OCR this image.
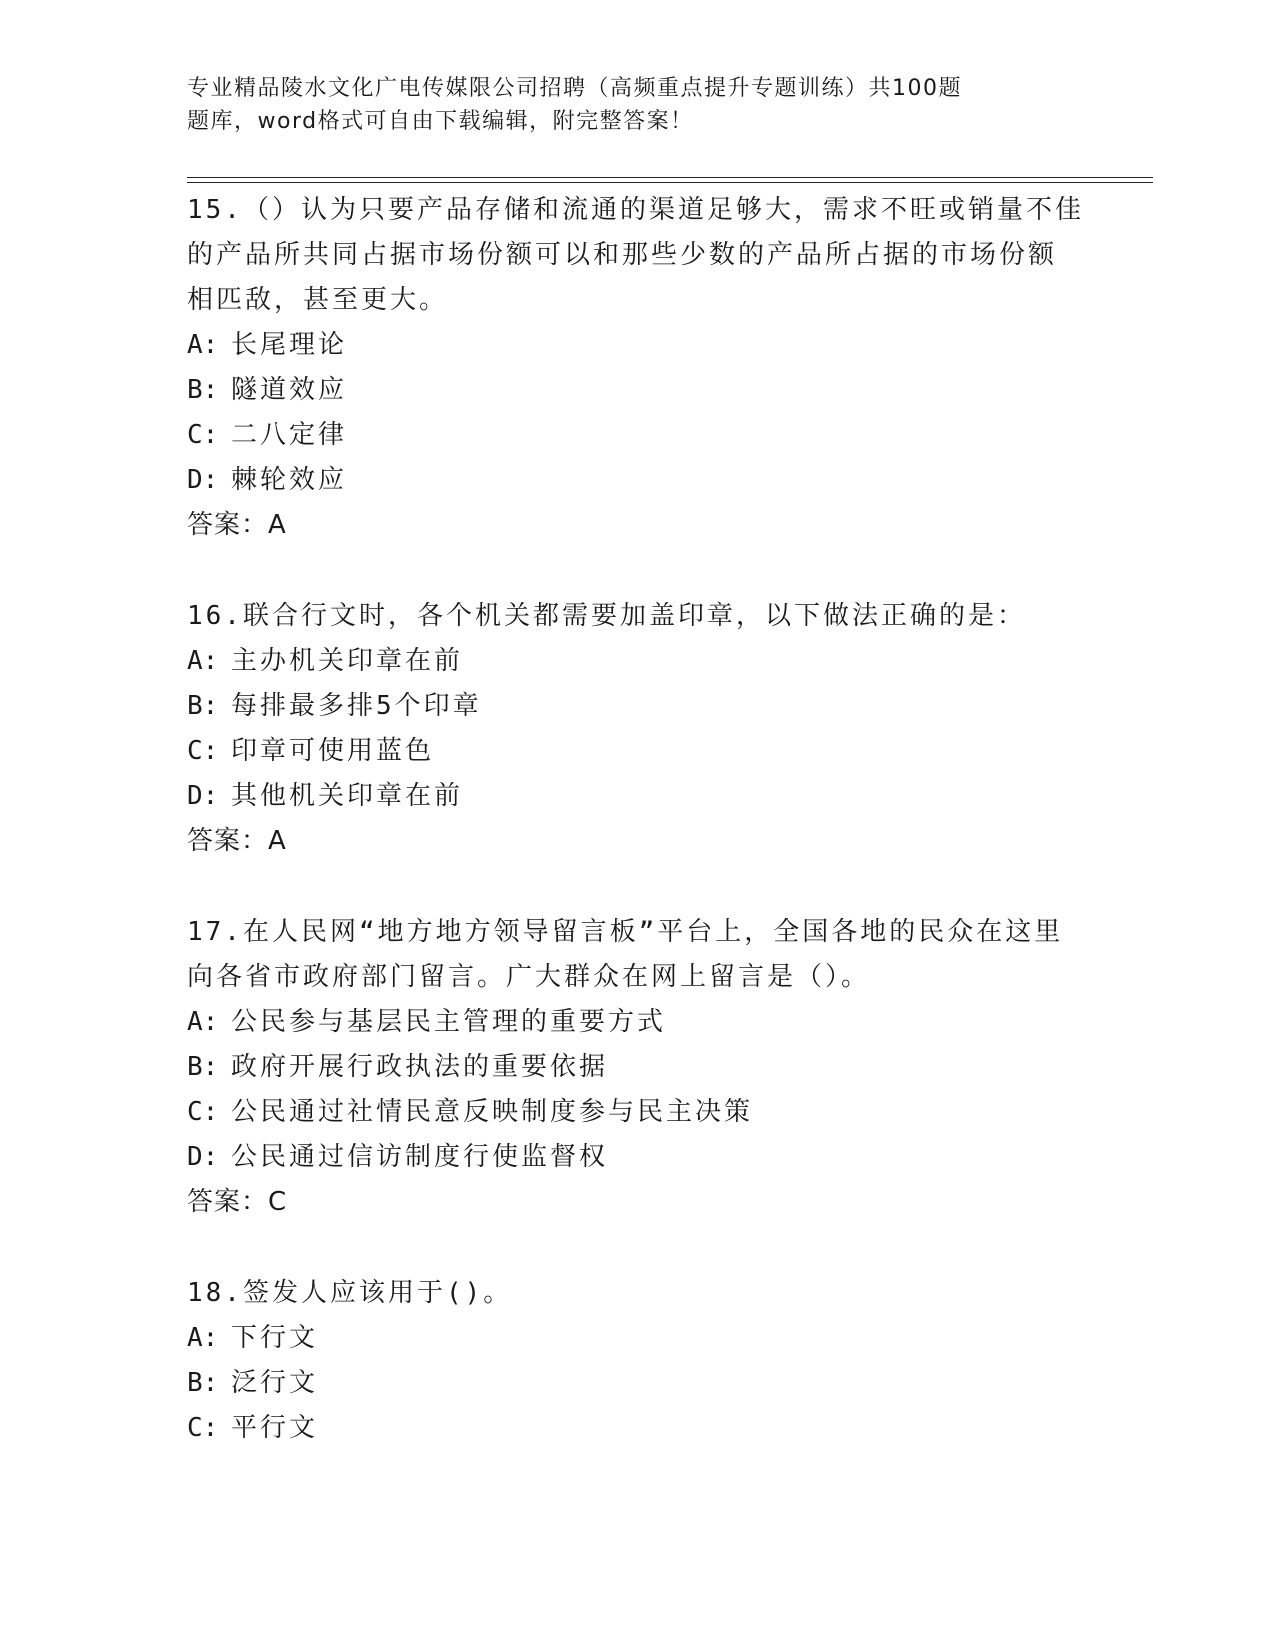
专业精品陵水文化广电传媒限公司招聘（高频重点提升专题训练）共100题
题库，word格式可自由下载编辑，附完整答案！
15.（）认为只要产品存储和流通的渠道足够大，需求不旺或销量不佳
的产品所共同占据市场份额可以和那些少数的产品所占据的市场份额
相匹敌，甚至更大。
A: 长尾理论
B: 隧道效应
C: 二八定律
D: 棘轮效应
答案：A
16.联合行文时，各个机关都需要加盖印章，以下做法正确的是：
A: 主办机关印章在前
B: 每排最多排5个印章
C: 印章可使用蓝色
D: 其他机关印章在前
答案：A
17.在人民网“地方地方领导留言板”平台上，全国各地的民众在这里
向各省市政府部门留言。广大群众在网上留言是（）。
A: 公民参与基层民主管理的重要方式
B: 政府开展行政执法的重要依据
C: 公民通过社情民意反映制度参与民主决策
D: 公民通过信访制度行使监督权
答案：C
18.签发人应该用于()。
A: 下行文
B: 泛行文
C: 平行文
